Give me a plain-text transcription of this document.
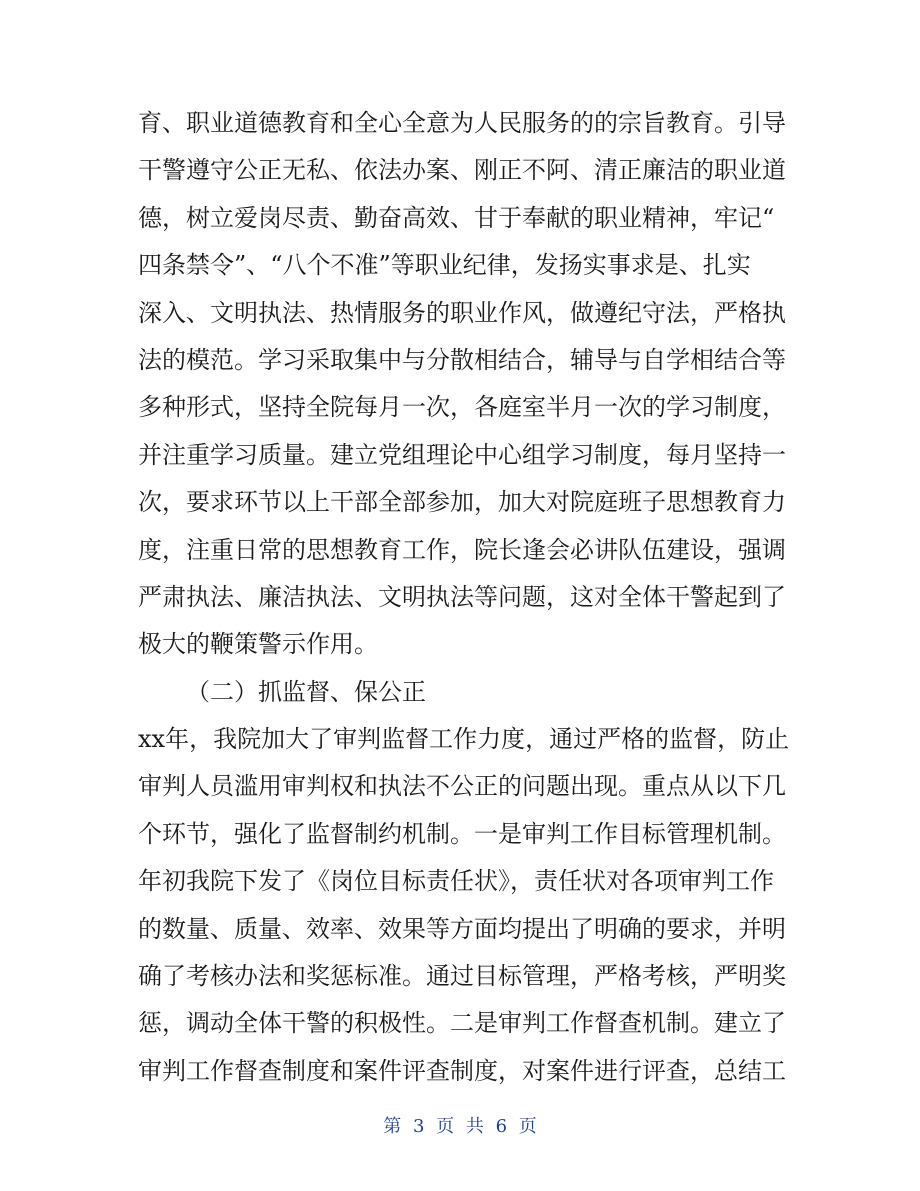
育、职业道德教育和全心全意为人民服务的的宗旨教育。引导
干警遵守公正无私、依法办案、刚正不阿、清正廉洁的职业道
德，树立爱岗尽责、勤奋高效、甘于奉献的职业精神，牢记“
四条禁令”、“八个不准”等职业纪律，发扬实事求是、扎实
深入、文明执法、热情服务的职业作风，做遵纪守法，严格执
法的模范。学习采取集中与分散相结合，辅导与自学相结合等
多种形式，坚持全院每月一次，各庭室半月一次的学习制度，
并注重学习质量。建立党组理论中心组学习制度，每月坚持一
次，要求环节以上干部全部参加，加大对院庭班子思想教育力
度，注重日常的思想教育工作，院长逢会必讲队伍建设，强调
严肃执法、廉洁执法、文明执法等问题，这对全体干警起到了
极大的鞭策警示作用。
（二）抓监督、保公正
xx年，我院加大了审判监督工作力度，通过严格的监督，防止
审判人员滥用审判权和执法不公正的问题出现。重点从以下几
个环节，强化了监督制约机制。一是审判工作目标管理机制。
年初我院下发了《岗位目标责任状》，责任状对各项审判工作
的数量、质量、效率、效果等方面均提出了明确的要求，并明
确了考核办法和奖惩标准。通过目标管理，严格考核，严明奖
惩，调动全体干警的积极性。二是审判工作督查机制。建立了
审判工作督查制度和案件评查制度，对案件进行评查，总结工
第 3 页 共 6 页
